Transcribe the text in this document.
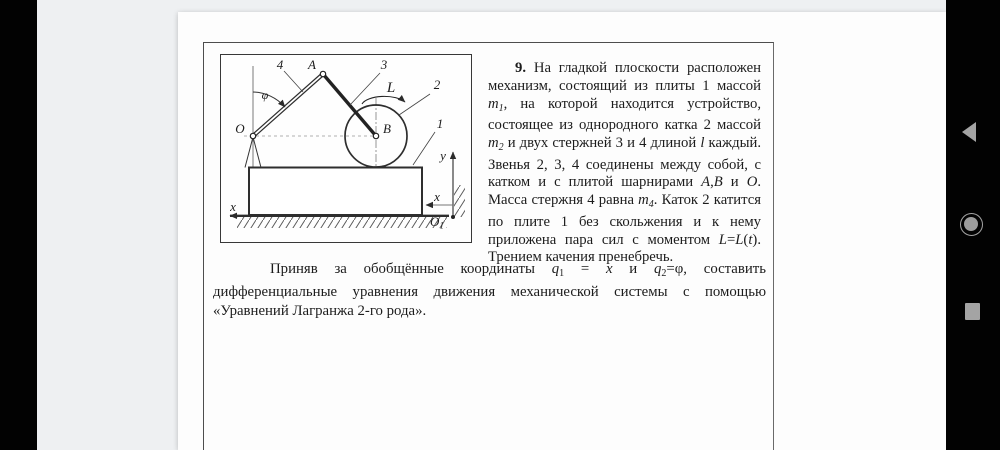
x
φ	L
y
x
O1
4 A	3
2
1
O	B
9. На гладкой плоскости расположен механизм, состоящий из плиты 1 массой $m_1$, на которой находится устройство, состоящее из однородного катка 2 массой $m_2$ и двух стержней 3 и 4 длиной l каждый. Звенья 2, 3, 4 соединены между собой, с катком и с плитой шарнирами A,B и O. Масса стержня 4 равна $m_4$. Каток 2 катится по плите 1 без скольжения и к нему приложена пара сил с моментом L=L(t). Трением качения пренебречь.
Приняв за обобщённые координаты $q_1 = x$ и $q_2=\varphi$, составить дифференциальные уравнения движения механической системы с помощью «Уравнений Лагранжа 2-го рода».
